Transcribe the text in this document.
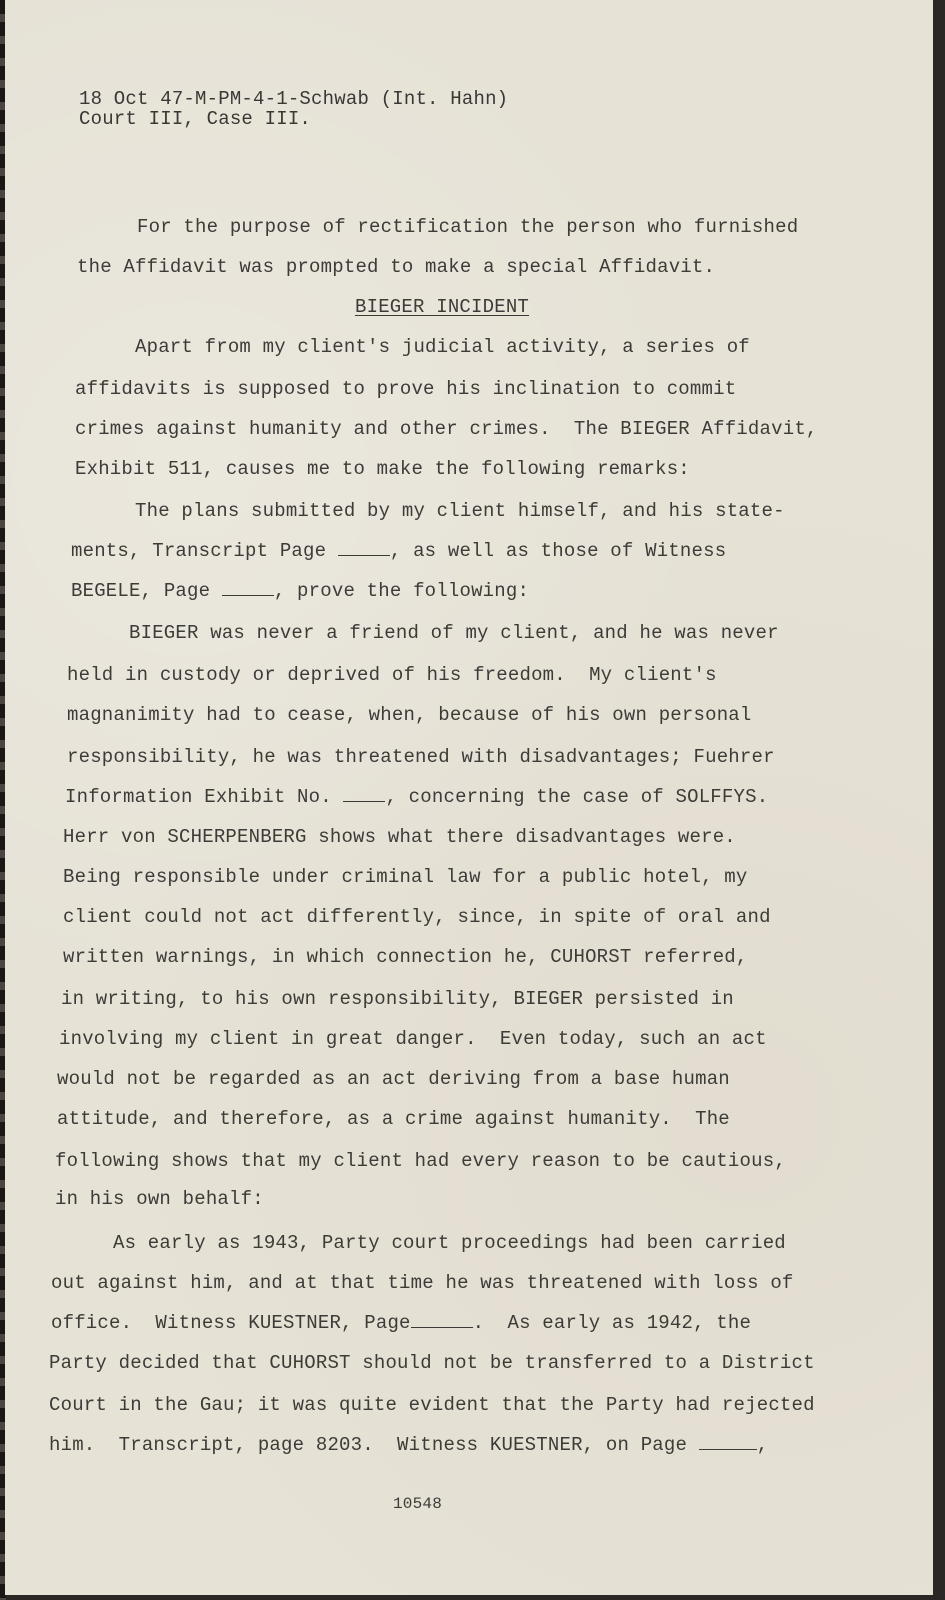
18 Oct 47-M-PM-4-1-Schwab (Int. Hahn)
Court III, Case III.
For the purpose of rectification the person who furnished
the Affidavit was prompted to make a special Affidavit.
BIEGER INCIDENT
Apart from my client's judicial activity, a series of
affidavits is supposed to prove his inclination to commit
crimes against humanity and other crimes.  The BIEGER Affidavit,
Exhibit 511, causes me to make the following remarks:
The plans submitted by my client himself, and his state-
ments, Transcript Page	, as well as those of Witness
BEGELE, Page	, prove the following:
BIEGER was never a friend of my client, and he was never
held in custody or deprived of his freedom.  My client's
magnanimity had to cease, when, because of his own personal
responsibility, he was threatened with disadvantages; Fuehrer
Information Exhibit No.	, concerning the case of SOLFFYS.
Herr von SCHERPENBERG shows what there disadvantages were.
Being responsible under criminal law for a public hotel, my
client could not act differently, since, in spite of oral and
written warnings, in which connection he, CUHORST referred,
in writing, to his own responsibility, BIEGER persisted in
involving my client in great danger.  Even today, such an act
would not be regarded as an act deriving from a base human
attitude, and therefore, as a crime against humanity.  The
following shows that my client had every reason to be cautious,
in his own behalf:
As early as 1943, Party court proceedings had been carried
out against him, and at that time he was threatened with loss of
office.  Witness KUESTNER, Page	.  As early as 1942, the
Party decided that CUHORST should not be transferred to a District
Court in the Gau; it was quite evident that the Party had rejected
him.  Transcript, page 8203.  Witness KUESTNER, on Page	,
10548
